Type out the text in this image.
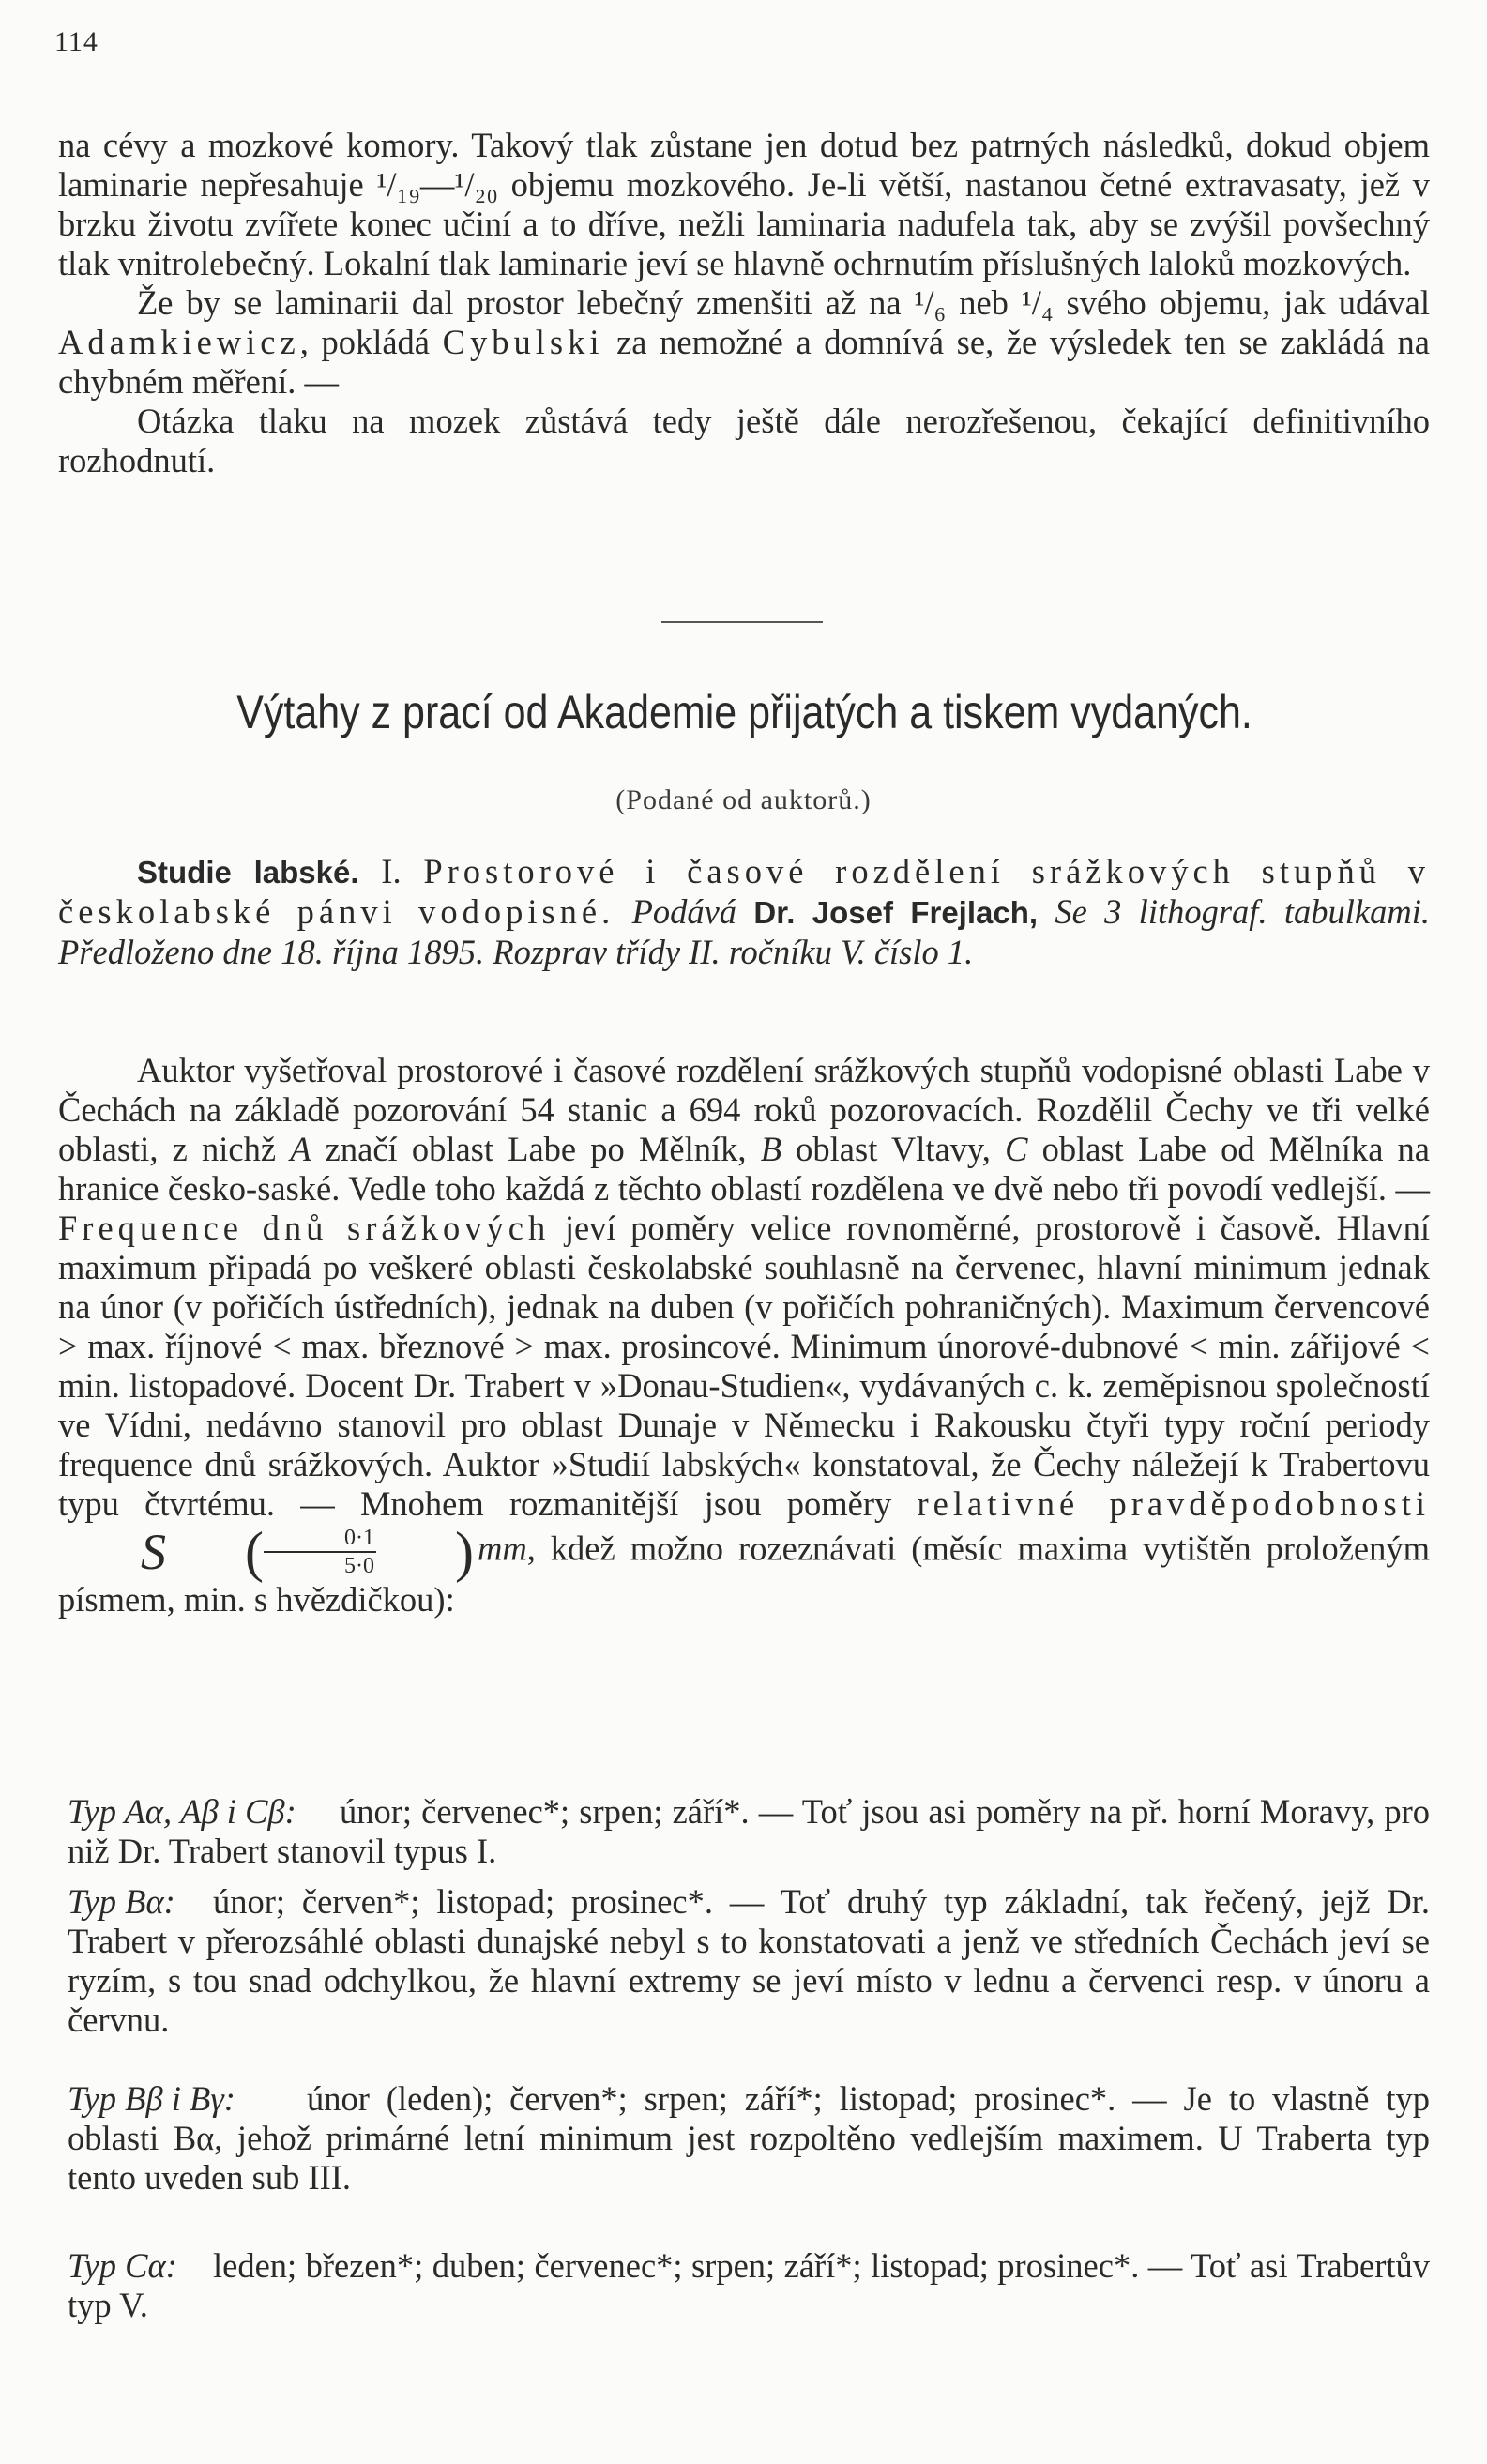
114
na cévy a mozkové komory. Takový tlak zůstane jen dotud bez patrných následků, dokud objem laminarie nepřesahuje ¹/₁₉—¹/₂₀ objemu mozkového. Je-li větší, nastanou četné extravasaty, jež v brzku životu zvířete konec učiní a to dříve, nežli laminaria nadufela tak, aby se zvýšil povšechný tlak vnitrolebečný. Lokalní tlak laminarie jeví se hlavně ochrnutím příslušných laloků mozkových.
Že by se laminarii dal prostor lebečný zmenšiti až na ¹/₆ neb ¹/₄ svého objemu, jak udával Adamkiewicz, pokládá Cybulski za nemožné a domnívá se, že výsledek ten se zakládá na chybném měření. —
Otázka tlaku na mozek zůstává tedy ještě dále nerozřešenou, čekající definitivního rozhodnutí.
Výtahy z prací od Akademie přijatých a tiskem vydaných.
(Podané od auktorů.)
Studie labské. I. Prostorové i časové rozdělení srážkových stupňů v českolabské pánvi vodopisné. Podává Dr. Josef Frejlach, Se 3 lithograf. tabulkami. Předloženo dne 18. října 1895. Rozprav třídy II. ročníku V. číslo 1.
Auktor vyšetřoval prostorové i časové rozdělení srážkových stupňů vodopisné oblasti Labe v Čechách na základě pozorování 54 stanic a 694 roků pozorovacích. Rozdělil Čechy ve tři velké oblasti, z nichž A značí oblast Labe po Mělník, B oblast Vltavy, C oblast Labe od Mělníka na hranice česko-saské. Vedle toho každá z těchto oblastí rozdělena ve dvě nebo tři povodí vedlejší. — Frequence dnů srážkových jeví poměry velice rovnoměrné, prostorově i časově. Hlavní maximum připadá po veškeré oblasti českolabské souhlasně na červenec, hlavní minimum jednak na únor (v pořičích ústředních), jednak na duben (v pořičích pohraničných). Maximum červencové > max. říjnové < max. březnové > max. prosincové. Minimum únorové-dubnové < min. zářijové < min. listopadové. Docent Dr. Trabert v »Donau-Studien«, vydávaných c. k. zeměpisnou společností ve Vídni, nedávno stanovil pro oblast Dunaje v Německu i Rakousku čtyři typy roční periody frequence dnů srážkových. Auktor »Studií labských« konstatoval, že Čechy náležejí k Trabertovu typu čtvrtému. — Mnohem rozmanitější jsou poměry relativné pravděpodobnosti
S	( $\frac{0\cdot 1}{5\cdot 0}$	) mm, kdež možno rozeznávati (měsíc maxima vytištěn proloženým písmem, min. s hvězdičkou):
Typ Aα, Aβ i Cβ:	únor; červenec*; srpen; září*. — Toť jsou asi poměry na př. horní Moravy, pro niž Dr. Trabert stanovil typus I.
Typ Bα:	únor; červen*; listopad; prosinec*. — Toť druhý typ základní, tak řečený, jejž Dr. Trabert v přerozsáhlé oblasti dunajské nebyl s to konstatovati a jenž ve středních Čechách jeví se ryzím, s tou snad odchylkou, že hlavní extremy se jeví místo v lednu a červenci resp. v únoru a červnu.
Typ Bβ i Bγ:	únor (leden); červen*; srpen; září*; listopad; prosinec*. — Je to vlastně typ oblasti Bα, jehož primárné letní minimum jest rozpoltěno vedlejším maximem. U Traberta typ tento uveden sub III.
Typ Cα:	leden; březen*; duben; červenec*; srpen; září*; listopad; prosinec*. — Toť asi Trabertův typ V.
